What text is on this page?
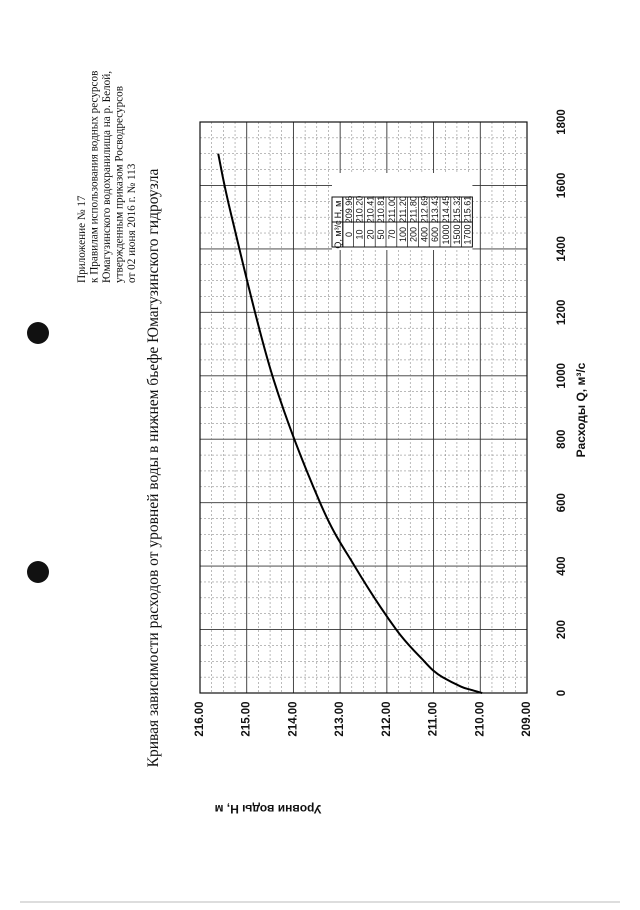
Приложение № 17 к Правилам использования водных ресурсов Юмагузинского водохранилища на р. Белой, утвержденным приказом Росводресурсов от 02 июня 2016 г. № 113 Кривая зависимости расходов от уровней воды в нижнем бьефе Юмагузинского гидроузла
Уровни воды H, м
Расходы Q, м³/с
0
200
400
600
800
1000
1200
1400
1600
1800
209.00
210.00
211.00
212.00
213.00
214.00
215.00
216.00
Q, м³/с
H, м
0
209.96
10
210.20
20
210.41
50
210.81
70
211.00
100
211.20
200
211.80
400
212.69
600
213.43
1000
214.45
1500
215.32
1700
215.61
